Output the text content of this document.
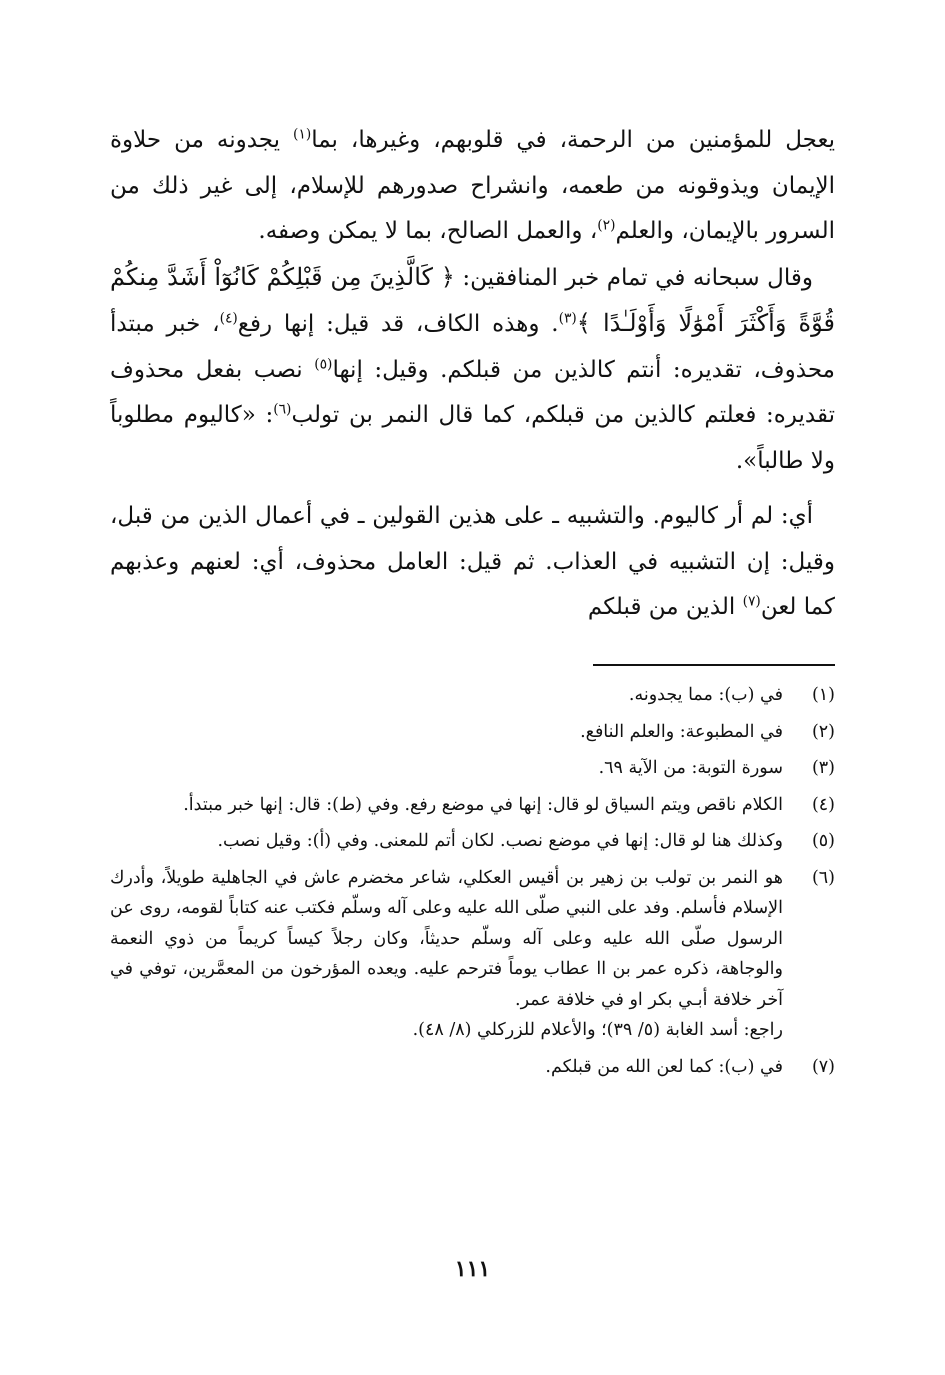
يعجل للمؤمنين من الرحمة، في قلوبهم، وغيرها، بما$^{(١)}$ يجدونه من حلاوة الإيمان ويذوقونه من طعمه، وانشراح صدورهم للإسلام، إلى غير ذلك من السرور بالإيمان، والعلم$^{(٢)}$، والعمل الصالح، بما لا يمكن وصفه.

وقال سبحانه في تمام خبر المنافقين: ﴿ كَالَّذِينَ مِن قَبْلِكُمْ كَانُوٓاْ أَشَدَّ مِنكُمْ قُوَّةً وَأَكْثَرَ أَمْوَٰلًا وَأَوْلَـٰدًا ﴾$^{(٣)}$. وهذه الكاف، قد قيل: إنها رفع$^{(٤)}$، خبر مبتدأ محذوف، تقديره: أنتم كالذين من قبلكم. وقيل: إنها$^{(٥)}$ نصب بفعل محذوف تقديره: فعلتم كالذين من قبلكم، كما قال النمر بن تولب$^{(٦)}$: «كاليوم مطلوباً ولا طالباً».

أي: لم أر كاليوم. والتشبيه ـ على هذين القولين ـ في أعمال الذين من قبل، وقيل: إن التشبيه في العذاب. ثم قيل: العامل محذوف، أي: لعنهم وعذبهم كما لعن$^{(٧)}$ الذين من قبلكم

(١)

في (ب): مما يجدونه.

(٢)

في المطبوعة: والعلم النافع.

(٣)

سورة التوبة: من الآية ٦٩.

(٤)

الكلام ناقص ويتم السياق لو قال: إنها في موضع رفع. وفي (ط): قال: إنها خبر مبتدأ.

(٥)

وكذلك هنا لو قال: إنها في موضع نصب. لكان أتم للمعنى. وفي (أ): وقيل نصب.

(٦)

هو النمر بن تولب بن زهير بن أقيس العكلي، شاعر مخضرم عاش في الجاهلية طويلاً، وأدرك الإسلام فأسلم. وفد على النبي صلّى الله عليه وعلى آله وسلّم فكتب عنه كتاباً لقومه، روى عن الرسول صلّى الله عليه وعلى آله وسلّم حديثاً، وكان رجلاً كيساً كريماً من ذوي النعمة والوجاهة، ذكره عمر بن اا عطاب يوماً فترحم عليه. ويعده المؤرخون من المعمَّرين، توفي في آخر خلافة أبـي بكر او في خلافة عمر.

راجع: أسد الغابة (٥/ ٣٩)؛ والأعلام للزركلي (٨/ ٤٨).

(٧)

في (ب): كما لعن الله من قبلكم.

١١١
